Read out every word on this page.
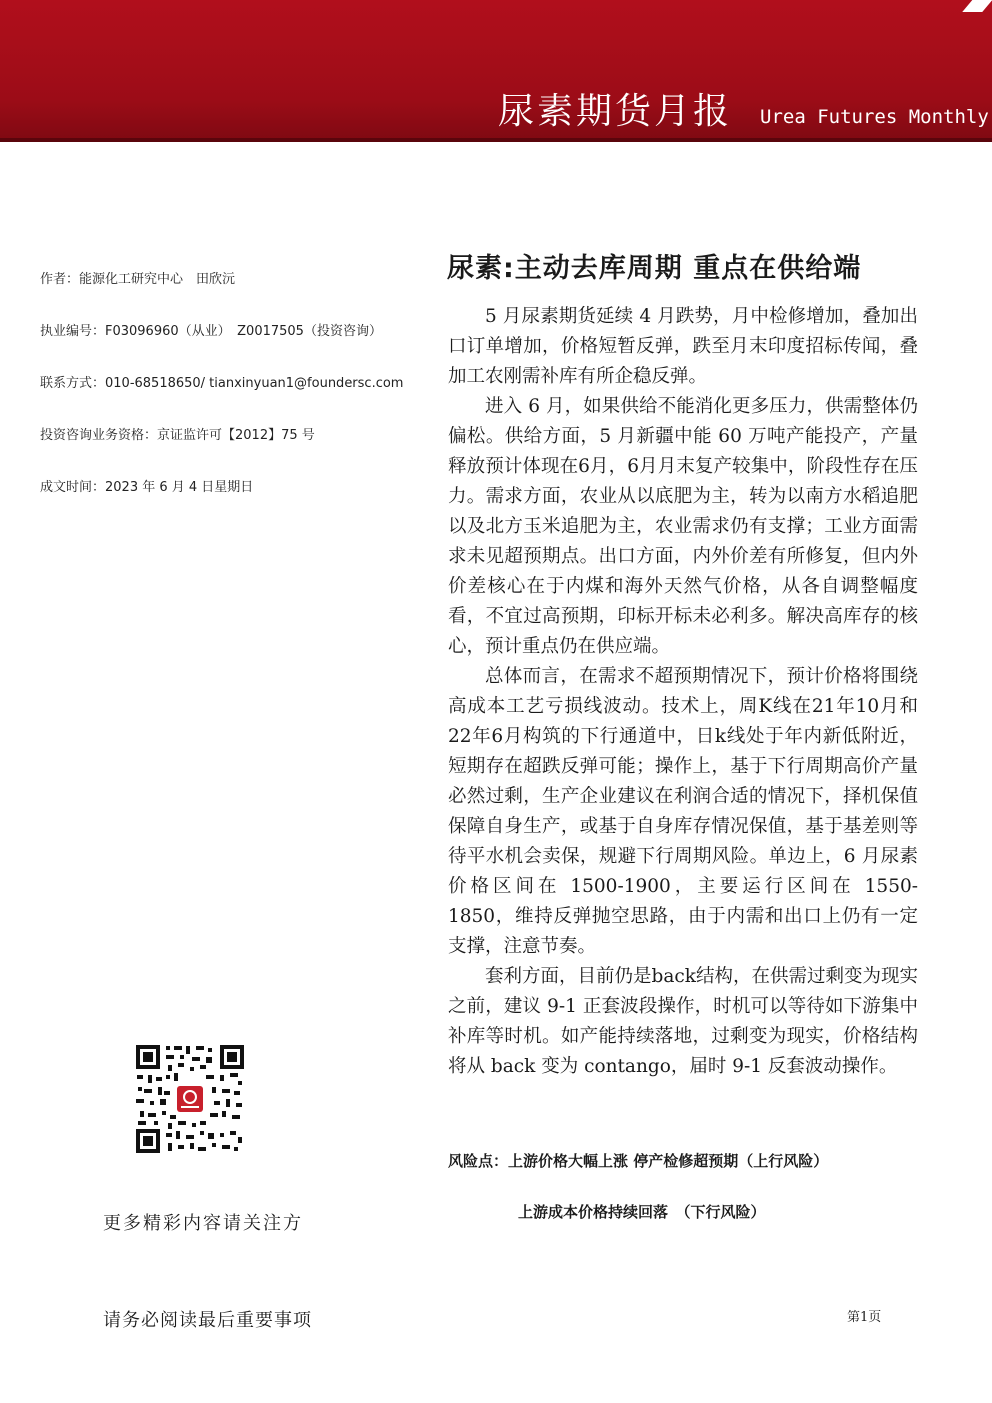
尿素期货月报 Urea Futures Monthly
作者：能源化工研究中心　田欣沅
执业编号：F03096960（从业）　Z0017505（投资咨询）
联系方式：010-68518650/ tianxinyuan1@foundersc.com
投资咨询业务资格：京证监许可【2012】75 号
成文时间：2023 年 6 月 4 日星期日
尿素:主动去库周期 重点在供给端

5 月尿素期货延续 4 月跌势，月中检修增加，叠加出口订单增加，价格短暂反弹，跌至月末印度招标传闻，叠加工农刚需补库有所企稳反弹。

进入 6 月，如果供给不能消化更多压力，供需整体仍偏松。供给方面，5 月新疆中能 60 万吨产能投产，产量释放预计体现在6月，6月月末复产较集中，阶段性存在压力。需求方面，农业从以底肥为主，转为以南方水稻追肥以及北方玉米追肥为主，农业需求仍有支撑；工业方面需求未见超预期点。出口方面，内外价差有所修复，但内外价差核心在于内煤和海外天然气价格，从各自调整幅度看，不宜过高预期，印标开标未必利多。解决高库存的核心，预计重点仍在供应端。

总体而言，在需求不超预期情况下，预计价格将围绕高成本工艺亏损线波动。技术上，周K线在21年10月和22年6月构筑的下行通道中，日k线处于年内新低附近，短期存在超跌反弹可能；操作上，基于下行周期高价产量必然过剩，生产企业建议在利润合适的情况下，择机保值保障自身生产，或基于自身库存情况保值，基于基差则等待平水机会卖保，规避下行周期风险。单边上，6 月尿素价格区间在 1500-1900，主要运行区间在 1550-1850，维持反弹抛空思路，由于内需和出口上仍有一定支撑，注意节奏。

套利方面，目前仍是back结构，在供需过剩变为现实之前，建议 9-1 正套波段操作，时机可以等待如下游集中补库等时机。如产能持续落地，过剩变为现实，价格结构将从 back 变为 contango，届时 9-1 反套波动操作。

风险点：上游价格大幅上涨 停产检修超预期（上行风险）
上游成本价格持续回落　（下行风险）
更多精彩内容请关注方
请务必阅读最后重要事项	第1页
